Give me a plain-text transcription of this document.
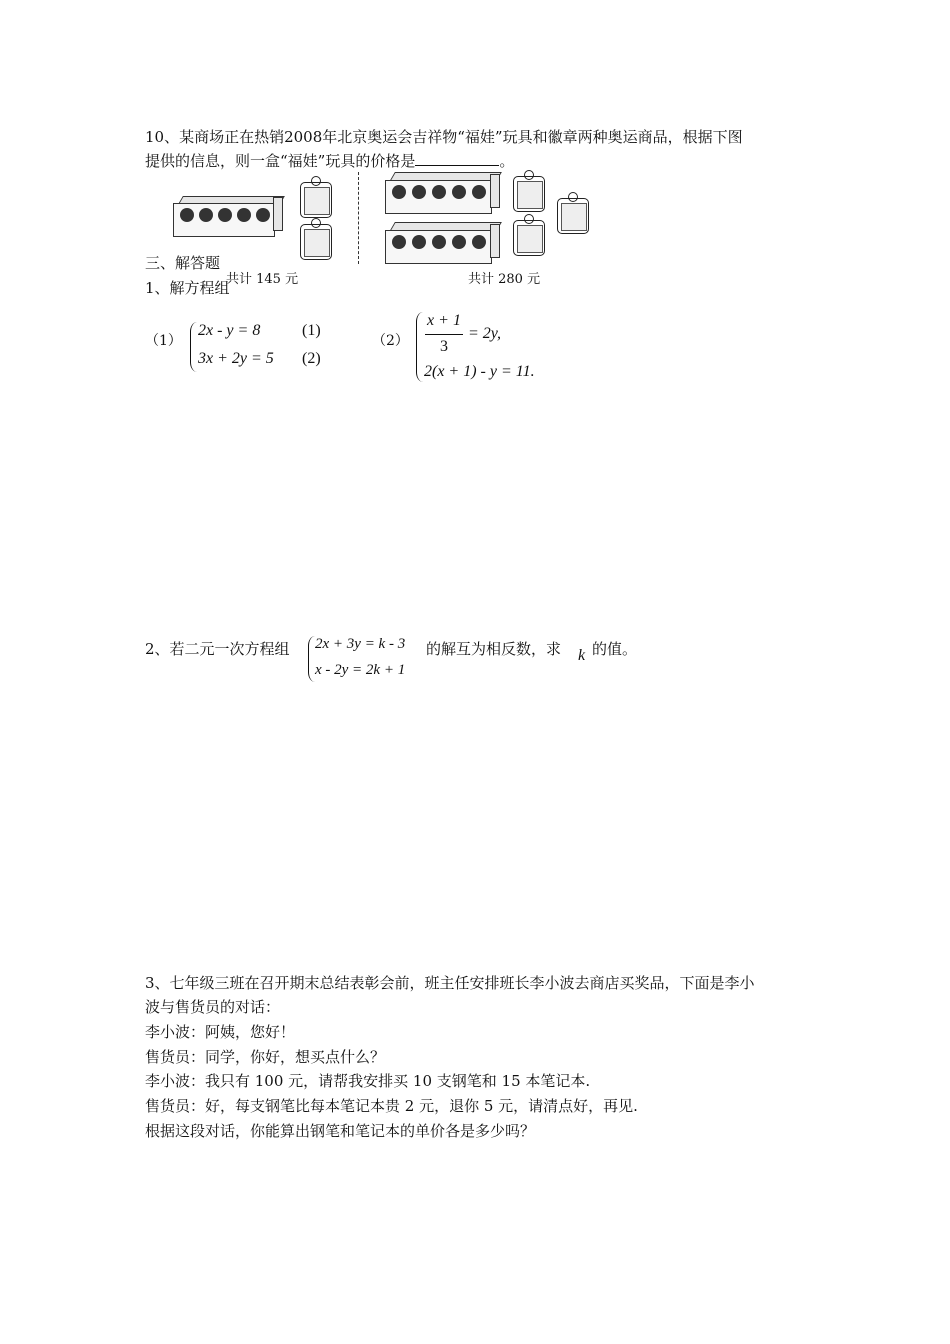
10、某商场正在热销2008年北京奥运会吉祥物“福娃”玩具和徽章两种奥运商品，根据下图
提供的信息，则一盒“福娃”玩具的价格是	。
共计 145 元	共计 280 元
三、解答题
1、解方程组
（1）
2x - y = 8	(1)
3x + 2y = 5 (2)
（2）
x + 1
3
= 2y,
2(x + 1) - y = 11.
2、若二元一次方程组 2x + 3y = k - 3
x - 2y = 2k + 1
的解互为相反数，求 k 的值。
3、七年级三班在召开期末总结表彰会前，班主任安排班长李小波去商店买奖品，下面是李小
波与售货员的对话：
李小波：阿姨，您好！
售货员：同学，你好，想买点什么？
李小波：我只有 100 元，请帮我安排买 10 支钢笔和 15 本笔记本.
售货员：好，每支钢笔比每本笔记本贵 2 元，退你 5 元，请清点好，再见.
根据这段对话，你能算出钢笔和笔记本的单价各是多少吗？
